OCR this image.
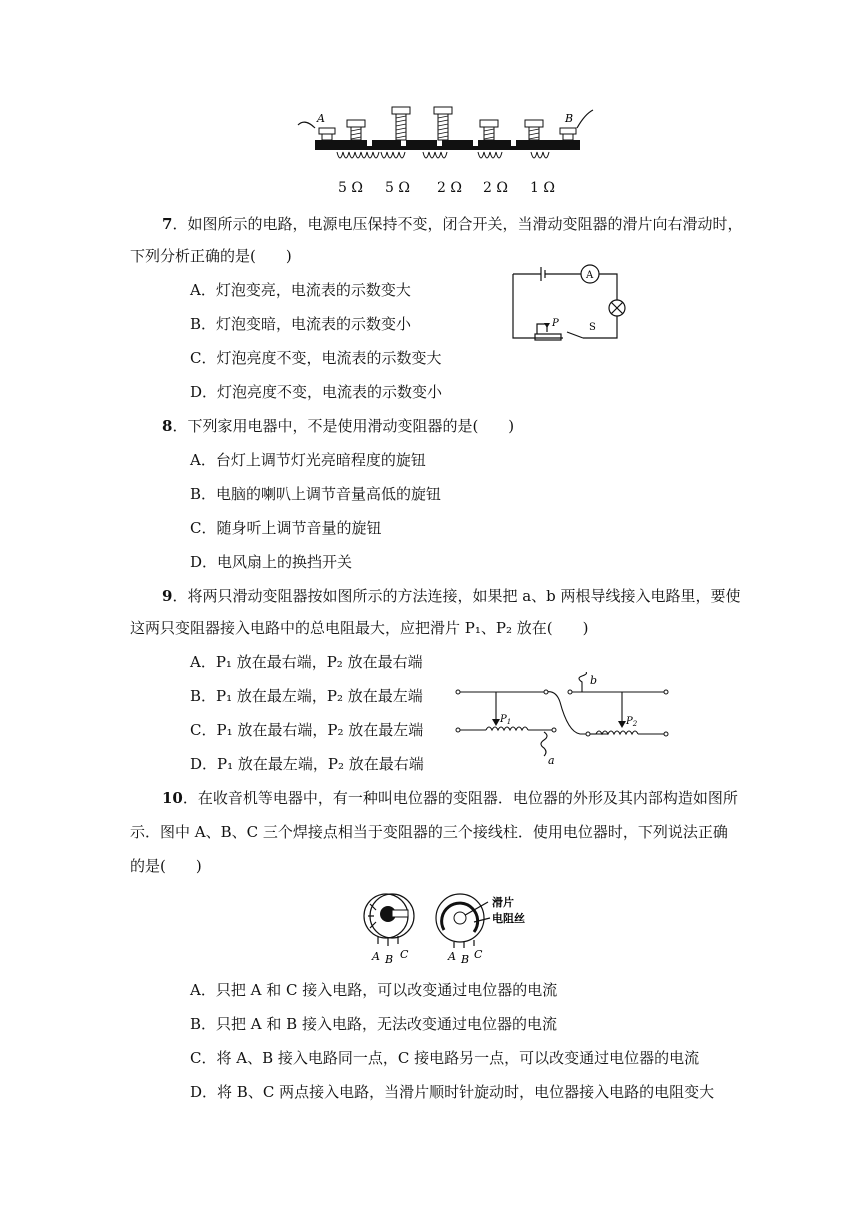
A	B
5 Ω 5 Ω 2 Ω 2 Ω 1 Ω
7．如图所示的电路，电源电压保持不变，闭合开关，当滑动变阻器的滑片向右滑动时，
下列分析正确的是(　　)
A．灯泡变亮，电流表的示数变大
B．灯泡变暗，电流表的示数变小
C．灯泡亮度不变，电流表的示数变大
D．灯泡亮度不变，电流表的示数变小
A
P	S
8．下列家用电器中，不是使用滑动变阻器的是(　　)
A．台灯上调节灯光亮暗程度的旋钮
B．电脑的喇叭上调节音量高低的旋钮
C．随身听上调节音量的旋钮
D．电风扇上的换挡开关
9．将两只滑动变阻器按如图所示的方法连接，如果把 a、b 两根导线接入电路里，要使
这两只变阻器接入电路中的总电阻最大，应把滑片 P₁、P₂ 放在(　　)
A．P₁ 放在最右端，P₂ 放在最右端
B．P₁ 放在最左端，P₂ 放在最左端
C．P₁ 放在最右端，P₂ 放在最左端
D．P₁ 放在最左端，P₂ 放在最右端
$P_1$	$P_2$
a
b
10．在收音机等电器中，有一种叫电位器的变阻器．电位器的外形及其内部构造如图所
示．图中 A、B、C 三个焊接点相当于变阻器的三个接线柱．使用电位器时，下列说法正确
的是(　　)
滑片
电阻丝
A B C	A B C
A．只把 A 和 C 接入电路，可以改变通过电位器的电流
B．只把 A 和 B 接入电路，无法改变通过电位器的电流
C．将 A、B 接入电路同一点，C 接电路另一点，可以改变通过电位器的电流
D．将 B、C 两点接入电路，当滑片顺时针旋动时，电位器接入电路的电阻变大
